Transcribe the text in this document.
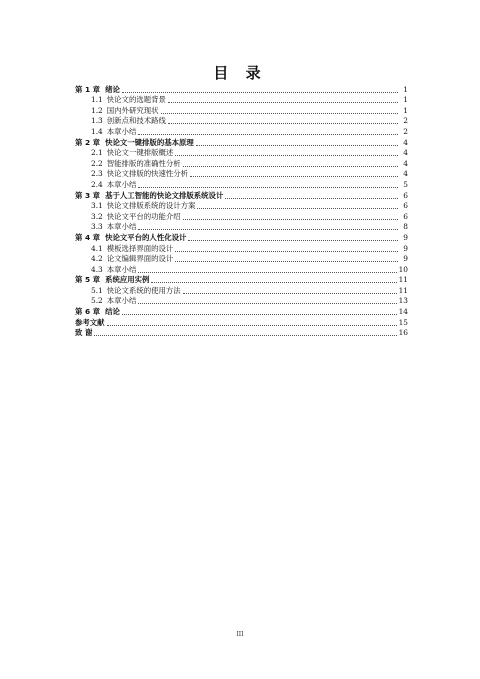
目 录
第 1 章 绪论	1
1.1 快论文的选题背景	1
1.2 国内外研究现状	1
1.3 创新点和技术路线	2
1.4 本章小结	2
第 2 章 快论文一键排版的基本原理	4
2.1 快论文一键排版概述	4
2.2 智能排版的准确性分析	4
2.3 快论文排版的快速性分析	4
2.4 本章小结	5
第 3 章 基于人工智能的快论文排版系统设计	6
3.1 快论文排版系统的设计方案	6
3.2 快论文平台的功能介绍	6
3.3 本章小结	8
第 4 章 快论文平台的人性化设计	9
4.1 模板选择界面的设计	9
4.2 论文编辑界面的设计	9
4.3 本章小结	10
第 5 章 系统应用实例	11
5.1 快论文系统的使用方法	11
5.2 本章小结	13
第 6 章 结论	14
参考文献	15
致 谢	16
III
